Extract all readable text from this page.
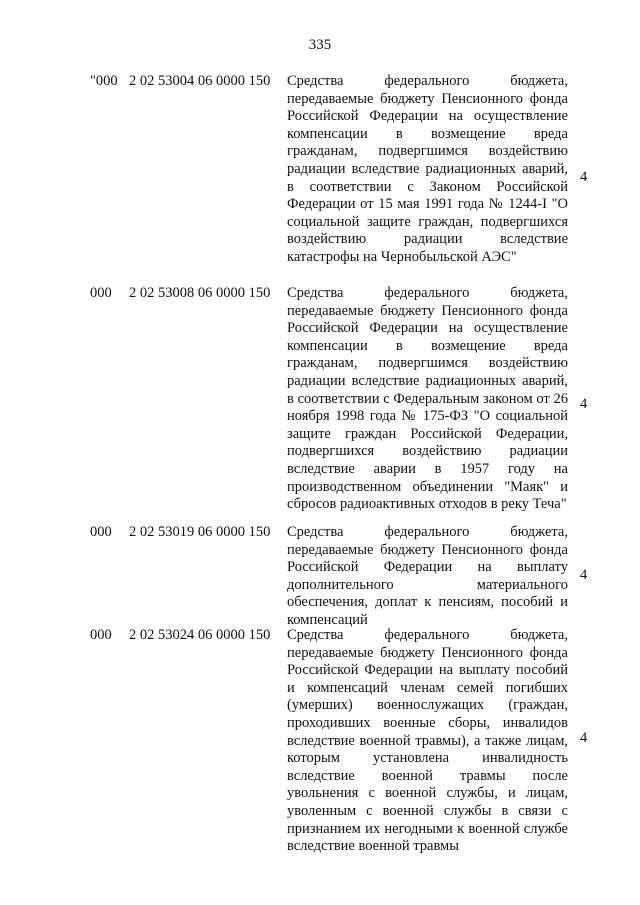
335
"000 2 02 53004 06 0000 150 Средства федерального бюджета, передаваемые бюджету Пенсионного фонда Российской Федерации на осуществление компенсации в возмещение вреда гражданам, подвергшимся воздействию радиации вследствие радиационных аварий, в соответствии с Законом Российской Федерации от 15 мая 1991 года № 1244-I "О социальной защите граждан, подвергшихся воздействию радиации вследствие катастрофы на Чернобыльской АЭС"
4
000 2 02 53008 06 0000 150 Средства федерального бюджета, передаваемые бюджету Пенсионного фонда Российской Федерации на осуществление компенсации в возмещение вреда гражданам, подвергшимся воздействию радиации вследствие радиационных аварий, в соответствии с Федеральным законом от 26 ноября 1998 года № 175-ФЗ "О социальной защите граждан Российской Федерации, подвергшихся воздействию радиации вследствие аварии в 1957 году на производственном объединении "Маяк" и сбросов радиоактивных отходов в реку Теча"
4
000 2 02 53019 06 0000 150 Средства федерального бюджета, передаваемые бюджету Пенсионного фонда Российской Федерации на выплату дополнительного материального обеспечения, доплат к пенсиям, пособий и компенсаций
4
000 2 02 53024 06 0000 150 Средства федерального бюджета, передаваемые бюджету Пенсионного фонда Российской Федерации на выплату пособий и компенсаций членам семей погибших (умерших) военнослужащих (граждан, проходивших военные сборы, инвалидов вследствие военной травмы), а также лицам, которым установлена инвалидность вследствие военной травмы после увольнения с военной службы, и лицам, уволенным с военной службы в связи с признанием их негодными к военной службе вследствие военной травмы
4
